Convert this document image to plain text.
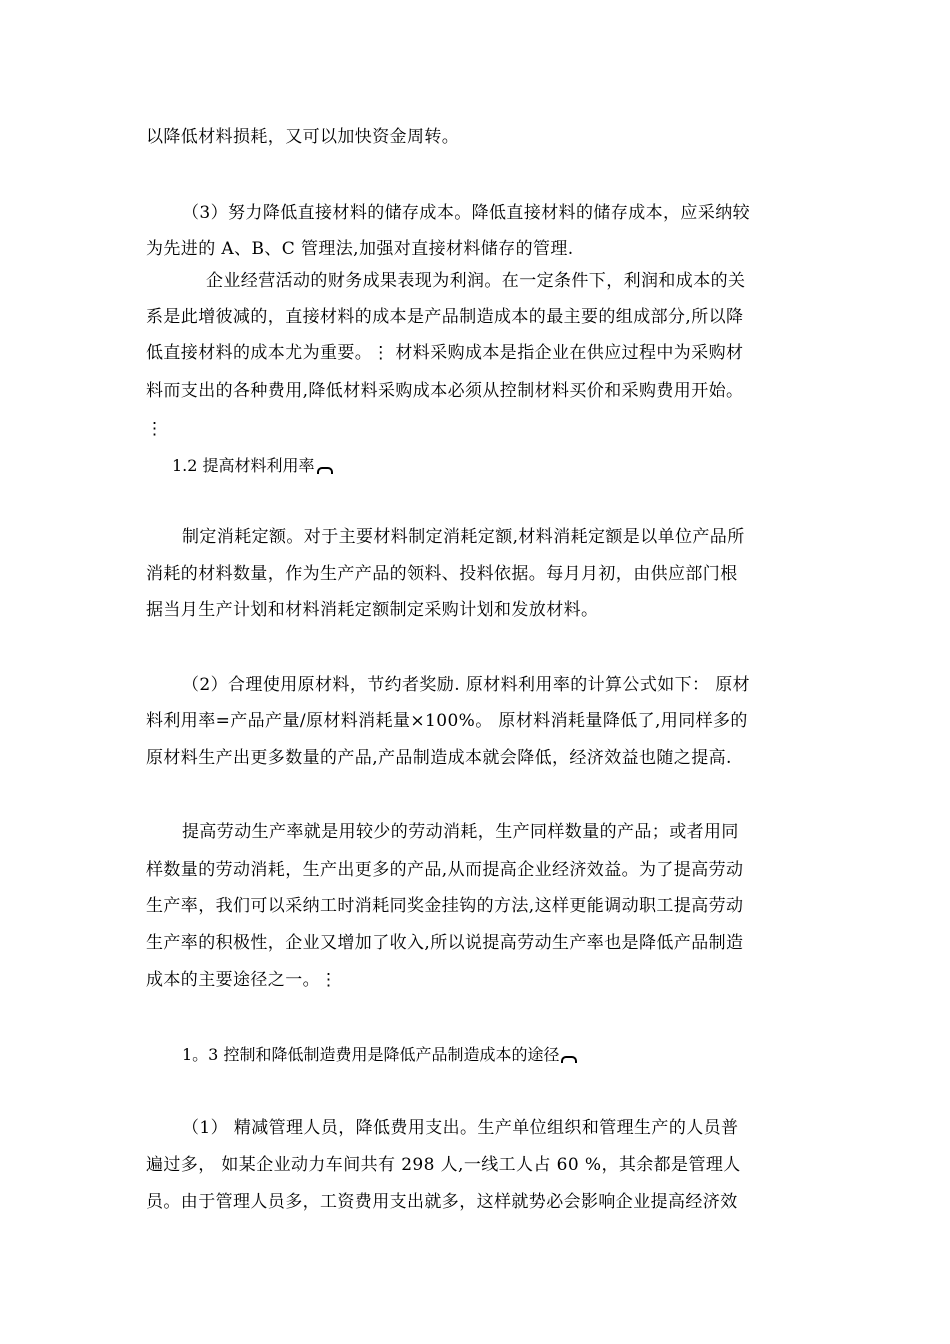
以降低材料损耗，又可以加快资金周转。
（3）努力降低直接材料的储存成本。降低直接材料的储存成本，应采纳较
为先进的 A、B、C 管理法,加强对直接材料储存的管理.
企业经营活动的财务成果表现为利润。在一定条件下，利润和成本的关
系是此增彼减的，直接材料的成本是产品制造成本的最主要的组成部分,所以降
低直接材料的成本尤为重要。⋮ 材料采购成本是指企业在供应过程中为采购材
料而支出的各种费用,降低材料采购成本必须从控制材料买价和采购费用开始。
⋮
1.2 提高材料利用率
制定消耗定额。对于主要材料制定消耗定额,材料消耗定额是以单位产品所
消耗的材料数量，作为生产产品的领料、投料依据。每月月初，由供应部门根
据当月生产计划和材料消耗定额制定采购计划和发放材料。
（2）合理使用原材料，节约者奖励. 原材料利用率的计算公式如下： 原材
料利用率=产品产量/原材料消耗量×100%。 原材料消耗量降低了,用同样多的
原材料生产出更多数量的产品,产品制造成本就会降低，经济效益也随之提高.
提高劳动生产率就是用较少的劳动消耗，生产同样数量的产品；或者用同
样数量的劳动消耗，生产出更多的产品,从而提高企业经济效益。为了提高劳动
生产率，我们可以采纳工时消耗同奖金挂钩的方法,这样更能调动职工提高劳动
生产率的积极性，企业又增加了收入,所以说提高劳动生产率也是降低产品制造
成本的主要途径之一。⋮
1。3 控制和降低制造费用是降低产品制造成本的途径
（1） 精减管理人员，降低费用支出。生产单位组织和管理生产的人员普
遍过多， 如某企业动力车间共有 298 人,一线工人占 60 %，其余都是管理人
员。由于管理人员多，工资费用支出就多，这样就势必会影响企业提高经济效
